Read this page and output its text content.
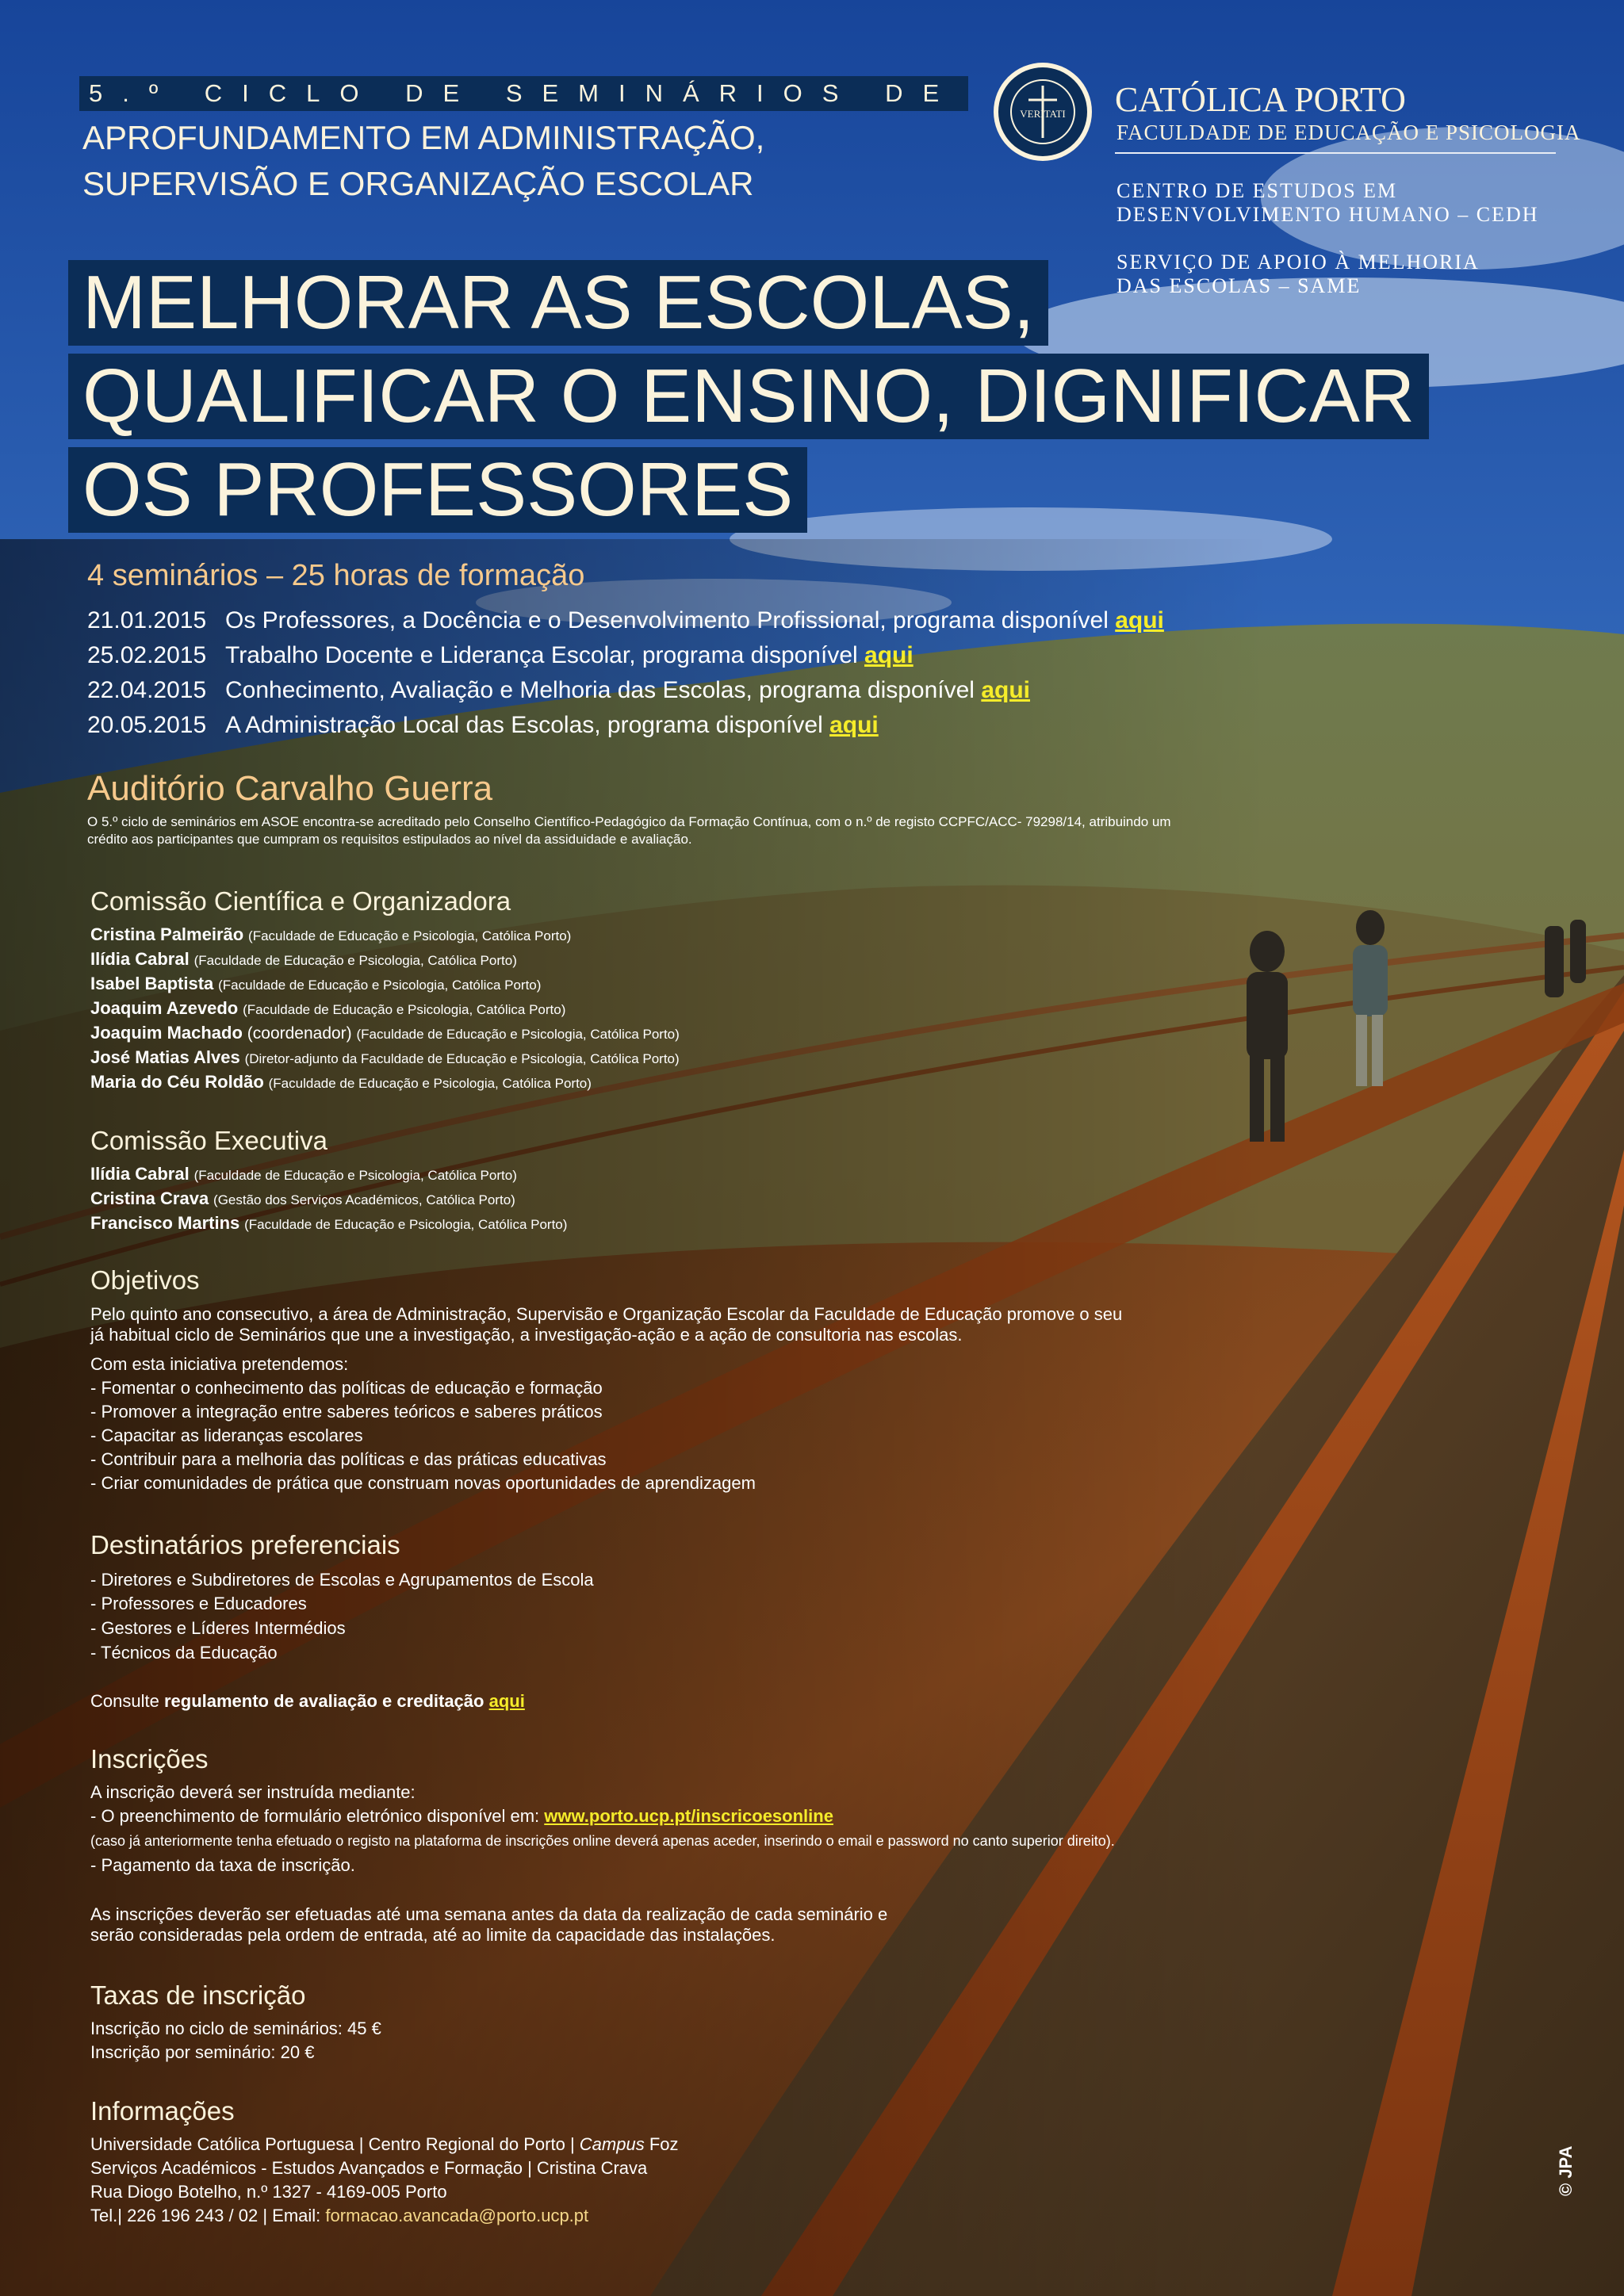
5.º CICLO DE SEMINÁRIOS DE
APROFUNDAMENTO EM ADMINISTRAÇÃO,
SUPERVISÃO E ORGANIZAÇÃO ESCOLAR
VERITATI CATÓLICA PORTO
FACULDADE DE EDUCAÇÃO E PSICOLOGIA
CENTRO DE ESTUDOS EM
DESENVOLVIMENTO HUMANO – CEDH
SERVIÇO DE APOIO À MELHORIA
DAS ESCOLAS – SAME
MELHORAR AS ESCOLAS,
QUALIFICAR O ENSINO, DIGNIFICAR
OS PROFESSORES
4 seminários – 25 horas de formação
21.01.2015 Os Professores, a Docência e o Desenvolvimento Profissional, programa disponível aqui
25.02.2015 Trabalho Docente e Liderança Escolar, programa disponível aqui
22.04.2015 Conhecimento, Avaliação e Melhoria das Escolas, programa disponível aqui
20.05.2015 A Administração Local das Escolas, programa disponível aqui
Auditório Carvalho Guerra
O 5.º ciclo de seminários em ASOE encontra-se acreditado pelo Conselho Científico-Pedagógico da Formação Contínua, com o n.º de registo CCPFC/ACC- 79298/14, atribuindo um crédito aos participantes que cumpram os requisitos estipulados ao nível da assiduidade e avaliação.
Comissão Científica e Organizadora
Cristina Palmeirão (Faculdade de Educação e Psicologia, Católica Porto)
Ilídia Cabral (Faculdade de Educação e Psicologia, Católica Porto)
Isabel Baptista (Faculdade de Educação e Psicologia, Católica Porto)
Joaquim Azevedo (Faculdade de Educação e Psicologia, Católica Porto)
Joaquim Machado (coordenador) (Faculdade de Educação e Psicologia, Católica Porto)
José Matias Alves (Diretor-adjunto da Faculdade de Educação e Psicologia, Católica Porto)
Maria do Céu Roldão (Faculdade de Educação e Psicologia, Católica Porto)
Comissão Executiva
Ilídia Cabral (Faculdade de Educação e Psicologia, Católica Porto)
Cristina Crava (Gestão dos Serviços Académicos, Católica Porto)
Francisco Martins (Faculdade de Educação e Psicologia, Católica Porto)
Objetivos
Pelo quinto ano consecutivo, a área de Administração, Supervisão e Organização Escolar da Faculdade de Educação promove o seu
já habitual ciclo de Seminários que une a investigação, a investigação-ação e a ação de consultoria nas escolas.
Com esta iniciativa pretendemos:
- Fomentar o conhecimento das políticas de educação e formação
- Promover a integração entre saberes teóricos e saberes práticos
- Capacitar as lideranças escolares
- Contribuir para a melhoria das políticas e das práticas educativas
- Criar comunidades de prática que construam novas oportunidades de aprendizagem
Destinatários preferenciais
- Diretores e Subdiretores de Escolas e Agrupamentos de Escola
- Professores e Educadores
- Gestores e Líderes Intermédios
- Técnicos da Educação
Consulte regulamento de avaliação e creditação aqui
Inscrições
A inscrição deverá ser instruída mediante:
- O preenchimento de formulário eletrónico disponível em: www.porto.ucp.pt/inscricoesonline
(caso já anteriormente tenha efetuado o registo na plataforma de inscrições online deverá apenas aceder, inserindo o email e password no canto superior direito).
- Pagamento da taxa de inscrição.
As inscrições deverão ser efetuadas até uma semana antes da data da realização de cada seminário e
serão consideradas pela ordem de entrada, até ao limite da capacidade das instalações.
Taxas de inscrição
Inscrição no ciclo de seminários: 45 €
Inscrição por seminário: 20 €
Informações
Universidade Católica Portuguesa | Centro Regional do Porto | Campus Foz
Serviços Académicos - Estudos Avançados e Formação | Cristina Crava
Rua Diogo Botelho, n.º 1327 - 4169-005 Porto
Tel.| 226 196 243 / 02 | Email: formacao.avancada@porto.ucp.pt
© JPA
